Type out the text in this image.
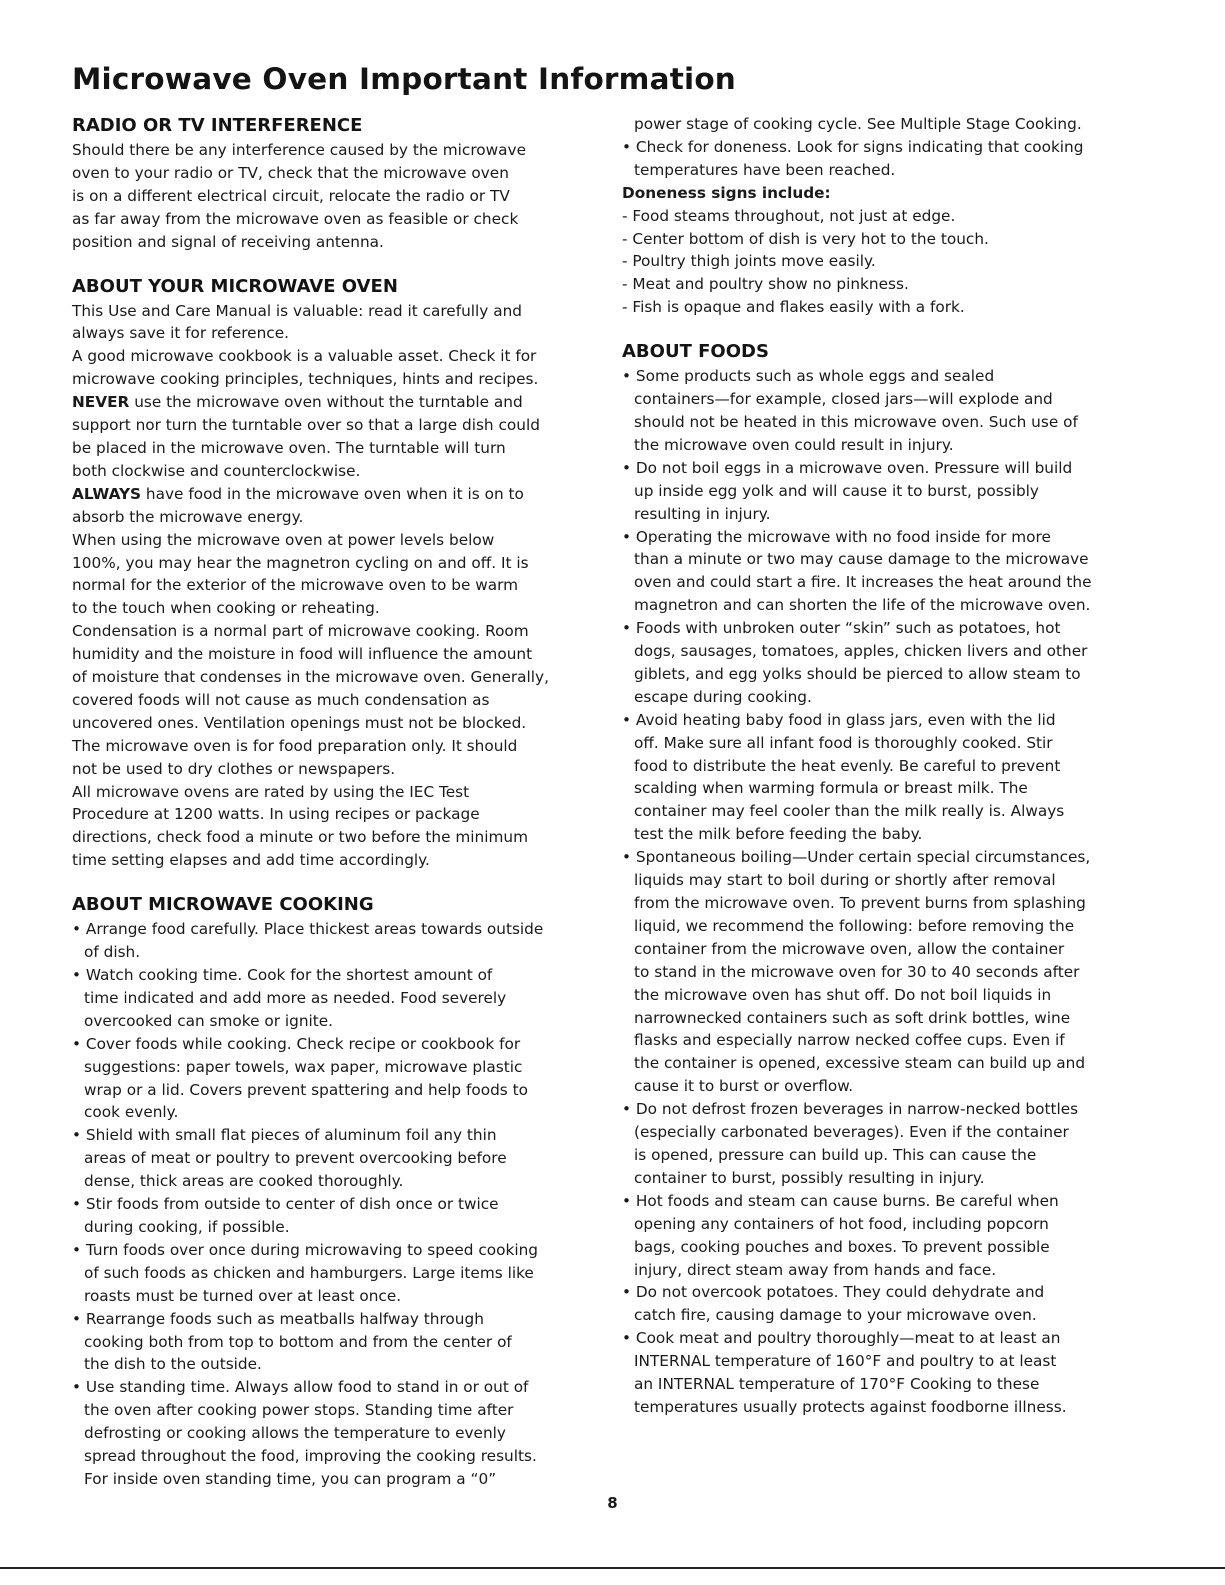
Microwave Oven Important Information
RADIO OR TV INTERFERENCE

Should there be any interference caused by the microwave
oven to your radio or TV, check that the microwave oven
is on a different electrical circuit, relocate the radio or TV
as far away from the microwave oven as feasible or check
position and signal of receiving antenna.

ABOUT YOUR MICROWAVE OVEN

This Use and Care Manual is valuable: read it carefully and
always save it for reference.
A good microwave cookbook is a valuable asset. Check it for
microwave cooking principles, techniques, hints and recipes.
NEVER use the microwave oven without the turntable and
support nor turn the turntable over so that a large dish could
be placed in the microwave oven. The turntable will turn
both clockwise and counterclockwise.
ALWAYS have food in the microwave oven when it is on to
absorb the microwave energy.
When using the microwave oven at power levels below
100%, you may hear the magnetron cycling on and off. It is
normal for the exterior of the microwave oven to be warm
to the touch when cooking or reheating.
Condensation is a normal part of microwave cooking. Room
humidity and the moisture in food will influence the amount
of moisture that condenses in the microwave oven. Generally,
covered foods will not cause as much condensation as
uncovered ones. Ventilation openings must not be blocked.
The microwave oven is for food preparation only. It should
not be used to dry clothes or newspapers.
All microwave ovens are rated by using the IEC Test
Procedure at 1200 watts. In using recipes or package
directions, check food a minute or two before the minimum
time setting elapses and add time accordingly.

ABOUT MICROWAVE COOKING
• Arrange food carefully. Place thickest areas towards outside
of dish.
• Watch cooking time. Cook for the shortest amount of
time indicated and add more as needed. Food severely
overcooked can smoke or ignite.
• Cover foods while cooking. Check recipe or cookbook for
suggestions: paper towels, wax paper, microwave plastic
wrap or a lid. Covers prevent spattering and help foods to
cook evenly.
• Shield with small flat pieces of aluminum foil any thin
areas of meat or poultry to prevent overcooking before
dense, thick areas are cooked thoroughly.
• Stir foods from outside to center of dish once or twice
during cooking, if possible.
• Turn foods over once during microwaving to speed cooking
of such foods as chicken and hamburgers. Large items like
roasts must be turned over at least once.
• Rearrange foods such as meatballs halfway through
cooking both from top to bottom and from the center of
the dish to the outside.
• Use standing time. Always allow food to stand in or out of
the oven after cooking power stops. Standing time after
defrosting or cooking allows the temperature to evenly
spread throughout the food, improving the cooking results.
For inside oven standing time, you can program a “0”
power stage of cooking cycle. See Multiple Stage Cooking.
• Check for doneness. Look for signs indicating that cooking
temperatures have been reached.
Doneness signs include:
- Food steams throughout, not just at edge.
- Center bottom of dish is very hot to the touch.
- Poultry thigh joints move easily.
- Meat and poultry show no pinkness.
- Fish is opaque and flakes easily with a fork.
ABOUT FOODS
• Some products such as whole eggs and sealed
containers—for example, closed jars—will explode and
should not be heated in this microwave oven. Such use of
the microwave oven could result in injury.
• Do not boil eggs in a microwave oven. Pressure will build
up inside egg yolk and will cause it to burst, possibly
resulting in injury.
• Operating the microwave with no food inside for more
than a minute or two may cause damage to the microwave
oven and could start a fire. It increases the heat around the
magnetron and can shorten the life of the microwave oven.
• Foods with unbroken outer “skin” such as potatoes, hot
dogs, sausages, tomatoes, apples, chicken livers and other
giblets, and egg yolks should be pierced to allow steam to
escape during cooking.
• Avoid heating baby food in glass jars, even with the lid
off. Make sure all infant food is thoroughly cooked. Stir
food to distribute the heat evenly. Be careful to prevent
scalding when warming formula or breast milk. The
container may feel cooler than the milk really is. Always
test the milk before feeding the baby.
• Spontaneous boiling—Under certain special circumstances,
liquids may start to boil during or shortly after removal
from the microwave oven. To prevent burns from splashing
liquid, we recommend the following: before removing the
container from the microwave oven, allow the container
to stand in the microwave oven for 30 to 40 seconds after
the microwave oven has shut off. Do not boil liquids in
narrownecked containers such as soft drink bottles, wine
flasks and especially narrow necked coffee cups. Even if
the container is opened, excessive steam can build up and
cause it to burst or overflow.
• Do not defrost frozen beverages in narrow-necked bottles
(especially carbonated beverages). Even if the container
is opened, pressure can build up. This can cause the
container to burst, possibly resulting in injury.
• Hot foods and steam can cause burns. Be careful when
opening any containers of hot food, including popcorn
bags, cooking pouches and boxes. To prevent possible
injury, direct steam away from hands and face.
• Do not overcook potatoes. They could dehydrate and
catch fire, causing damage to your microwave oven.
• Cook meat and poultry thoroughly—meat to at least an
INTERNAL temperature of 160°F and poultry to at least
an INTERNAL temperature of 170°F Cooking to these
temperatures usually protects against foodborne illness.
8
